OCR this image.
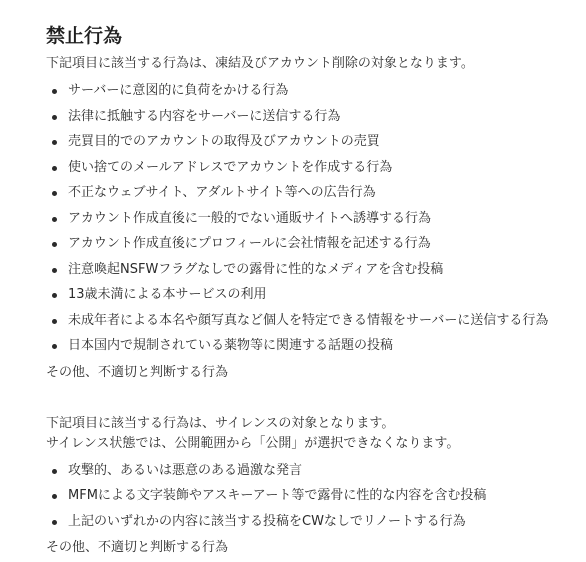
禁止行為

下記項目に該当する行為は、凍結及びアカウント削除の対象となります。

サーバーに意図的に負荷をかける行為
法律に抵触する内容をサーバーに送信する行為
売買目的でのアカウントの取得及びアカウントの売買
使い捨てのメールアドレスでアカウントを作成する行為
不正なウェブサイト、アダルトサイト等への広告行為
アカウント作成直後に一般的でない通販サイトへ誘導する行為
アカウント作成直後にプロフィールに会社情報を記述する行為
注意喚起NSFWフラグなしでの露骨に性的なメディアを含む投稿
13歳未満による本サービスの利用
未成年者による本名や顔写真など個人を特定できる情報をサーバーに送信する行為
日本国内で規制されている薬物等に関連する話題の投稿

その他、不適切と判断する行為

下記項目に該当する行為は、サイレンスの対象となります。

サイレンス状態では、公開範囲から「公開」が選択できなくなります。

攻撃的、あるいは悪意のある過激な発言
MFMによる文字装飾やアスキーアート等で露骨に性的な内容を含む投稿
上記のいずれかの内容に該当する投稿をCWなしでリノートする行為

その他、不適切と判断する行為
